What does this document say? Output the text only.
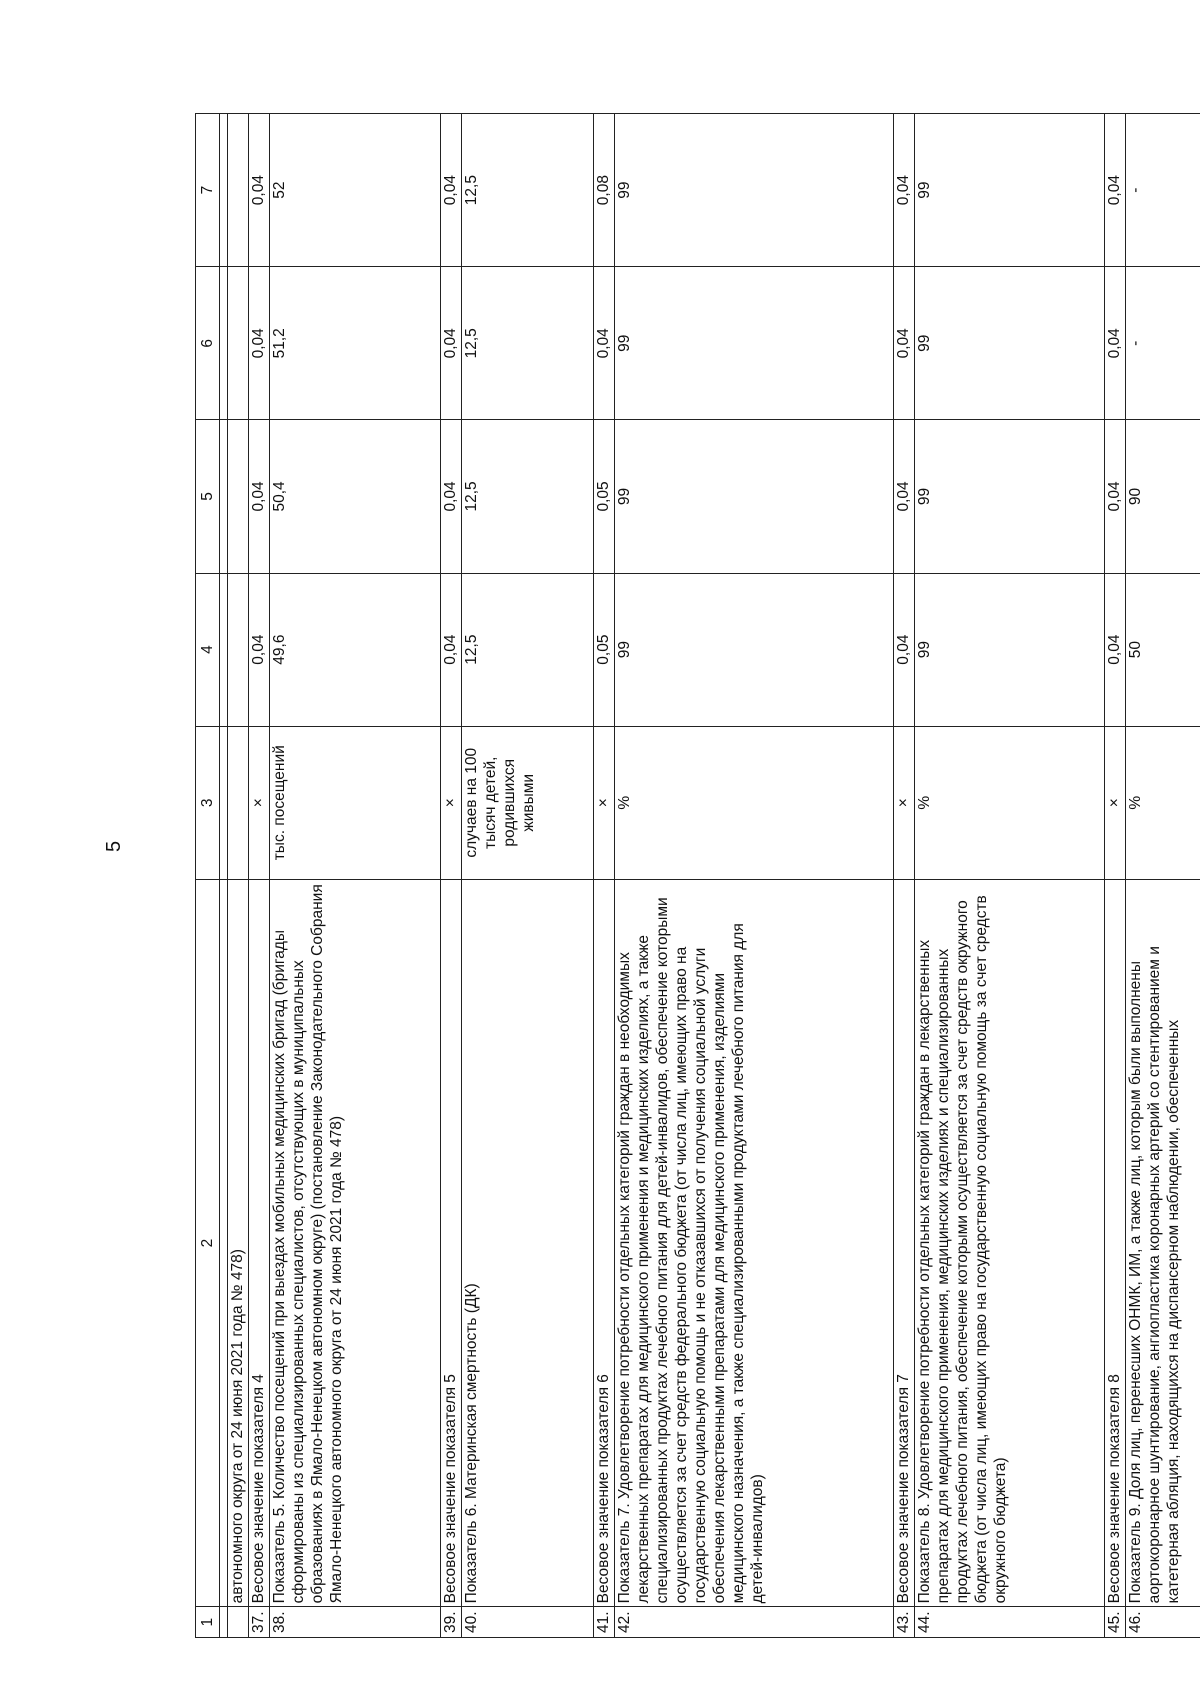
5
1	2	3	4	5	6	7

	автономного округа от 24 июня 2021 года № 478)					
37.	Весовое значение показателя 4	×	0,04	0,04	0,04	0,04
38.	Показатель 5. Количество посещений при выездах мобильных медицинских бригад (бригады сформированы из специализированных специалистов, отсутствующих в муниципальных образованиях в Ямало-Ненецком автономном округе) (постановление Законодательного Собрания Ямало-Ненецкого автономного округа от 24 июня 2021 года № 478)	тыс. посещений	49,6	50,4	51,2	52
39.	Весовое значение показателя 5	×	0,04	0,04	0,04	0,04
40.	Показатель 6. Материнская смертность (ДК)	случаев на 100 тысяч детей, родившихся живыми	12,5	12,5	12,5	12,5
41.	Весовое значение показателя 6	×	0,05	0,05	0,04	0,08
42.	Показатель 7. Удовлетворение потребности отдельных категорий граждан в необходимых лекарственных препаратах для медицинского применения и медицинских изделиях, а также специализированных продуктах лечебного питания для детей-инвалидов, обеспечение которыми осуществляется за счет средств федерального бюджета (от числа лиц, имеющих право на государственную социальную помощь и не отказавшихся от получения социальной услуги обеспечения лекарственными препаратами для медицинского применения, изделиями медицинского назначения, а также специализированными продуктами лечебного питания для детей-инвалидов)	%	99	99	99	99
43.	Весовое значение показателя 7	×	0,04	0,04	0,04	0,04
44.	Показатель 8. Удовлетворение потребности отдельных категорий граждан в лекарственных препаратах для медицинского применения, медицинских изделиях и специализированных продуктах лечебного питания, обеспечение которыми осуществляется за счет средств окружного бюджета (от числа лиц, имеющих право на государственную социальную помощь за счет средств окружного бюджета)	%	99	99	99	99
45.	Весовое значение показателя 8	×	0,04	0,04	0,04	0,04
46.	Показатель 9. Доля лиц, перенесших ОНМК, ИМ, а также лиц, которым были выполнены аортокоронарное шунтирование, ангиопластика коронарных артерий со стентированием и катетерная абляция, находящихся на диспансерном наблюдении, обеспеченных	%	50	90	-	-
